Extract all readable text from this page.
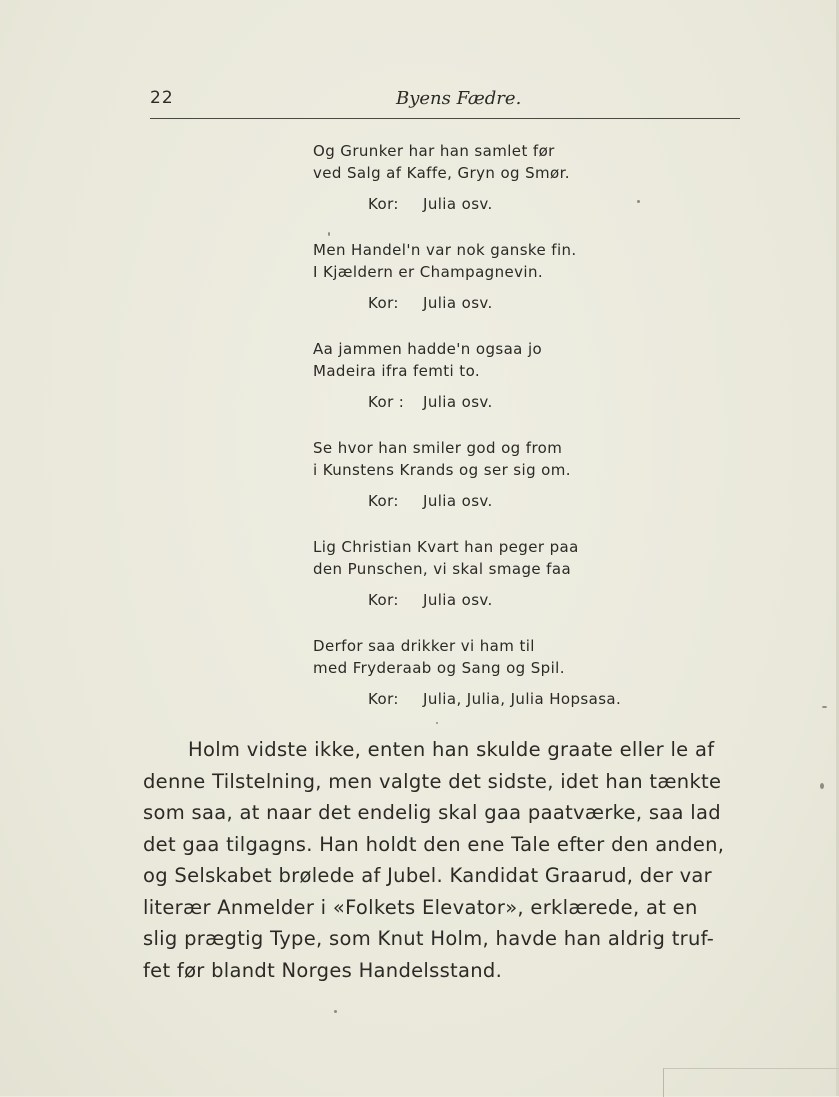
22	Byens Fædre.
Og Grunker har han samlet før
ved Salg af Kaffe, Gryn og Smør.
Kor: Julia osv.
Men Handel'n var nok ganske fin.
I Kjældern er Champagnevin.
Kor: Julia osv.
Aa jammen hadde'n ogsaa jo
Madeira ifra femti to.
Kor : Julia osv.
Se hvor han smiler god og from
i Kunstens Krands og ser sig om.
Kor: Julia osv.
Lig Christian Kvart han peger paa
den Punschen, vi skal smage faa
Kor: Julia osv.
Derfor saa drikker vi ham til
med Fryderaab og Sang og Spil.
Kor: Julia, Julia, Julia Hopsasa.
Holm vidste ikke, enten han skulde graate eller le af
denne Tilstelning, men valgte det sidste, idet han tænkte
som saa, at naar det endelig skal gaa paatværke, saa lad
det gaa tilgagns. Han holdt den ene Tale efter den anden,
og Selskabet brølede af Jubel. Kandidat Graarud, der var
literær Anmelder i «Folkets Elevator», erklærede, at en
slig prægtig Type, som Knut Holm, havde han aldrig truf-
fet før blandt Norges Handelsstand.
